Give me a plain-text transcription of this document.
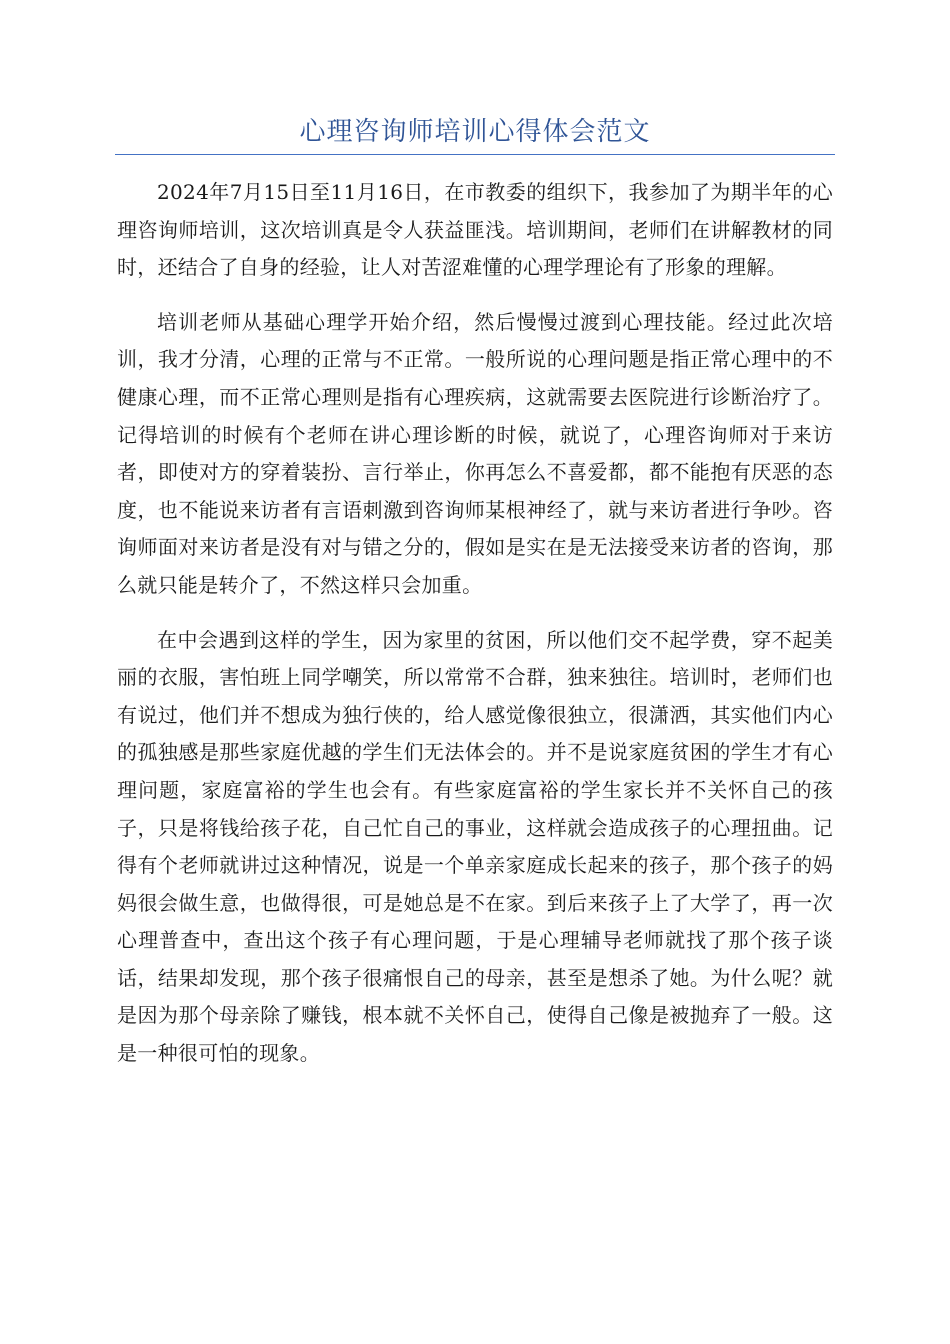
心理咨询师培训心得体会范文

2024年7月15日至11月16日，在市教委的组织下，我参加了为期半年的心理咨询师培训，这次培训真是令人获益匪浅。培训期间，老师们在讲解教材的同时，还结合了自身的经验，让人对苦涩难懂的心理学理论有了形象的理解。

培训老师从基础心理学开始介绍，然后慢慢过渡到心理技能。经过此次培训，我才分清，心理的正常与不正常。一般所说的心理问题是指正常心理中的不健康心理，而不正常心理则是指有心理疾病，这就需要去医院进行诊断治疗了。记得培训的时候有个老师在讲心理诊断的时候，就说了，心理咨询师对于来访者，即使对方的穿着装扮、言行举止，你再怎么不喜爱都，都不能抱有厌恶的态度，也不能说来访者有言语刺激到咨询师某根神经了，就与来访者进行争吵。咨询师面对来访者是没有对与错之分的，假如是实在是无法接受来访者的咨询，那么就只能是转介了，不然这样只会加重。

在中会遇到这样的学生，因为家里的贫困，所以他们交不起学费，穿不起美丽的衣服，害怕班上同学嘲笑，所以常常不合群，独来独往。培训时，老师们也有说过，他们并不想成为独行侠的，给人感觉像很独立，很潇洒，其实他们内心的孤独感是那些家庭优越的学生们无法体会的。并不是说家庭贫困的学生才有心理问题，家庭富裕的学生也会有。有些家庭富裕的学生家长并不关怀自己的孩子，只是将钱给孩子花，自己忙自己的事业，这样就会造成孩子的心理扭曲。记得有个老师就讲过这种情况，说是一个单亲家庭成长起来的孩子，那个孩子的妈妈很会做生意，也做得很，可是她总是不在家。到后来孩子上了大学了，再一次心理普查中，查出这个孩子有心理问题，于是心理辅导老师就找了那个孩子谈话，结果却发现，那个孩子很痛恨自己的母亲，甚至是想杀了她。为什么呢？就是因为那个母亲除了赚钱，根本就不关怀自己，使得自己像是被抛弃了一般。这是一种很可怕的现象。
